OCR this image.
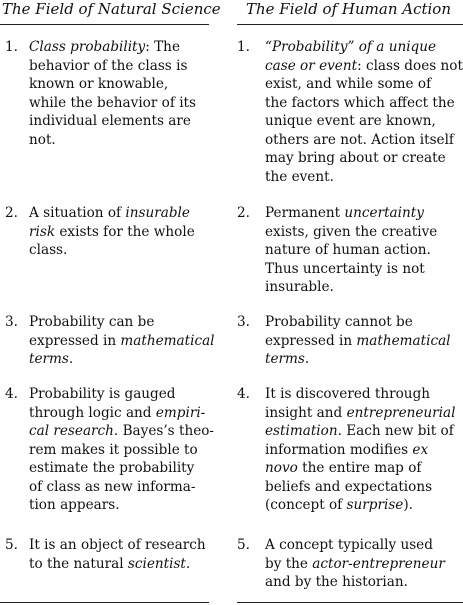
The Field of Natural Science The Field of Human Action
1. Class probability: The
behavior of the class is
known or knowable,
while the behavior of its
individual elements are
not.
1. “Probability” of a unique
case or event: class does not
exist, and while some of
the factors which affect the
unique event are known,
others are not. Action itself
may bring about or create
the event.
2. A situation of insurable
risk exists for the whole
class.
2. Permanent uncertainty
exists, given the creative
nature of human action.
Thus uncertainty is not
insurable.
3. Probability can be
expressed in mathematical
terms.
3. Probability cannot be
expressed in mathematical
terms.
4. Probability is gauged
through logic and empiri-
cal research. Bayes’s theo-
rem makes it possible to
estimate the probability
of class as new informa-
tion appears.
4. It is discovered through
insight and entrepreneurial
estimation. Each new bit of
information modifies ex
novo the entire map of
beliefs and expectations
(concept of surprise).
5. It is an object of research
to the natural scientist.
5. A concept typically used
by the actor-entrepreneur
and by the historian.
